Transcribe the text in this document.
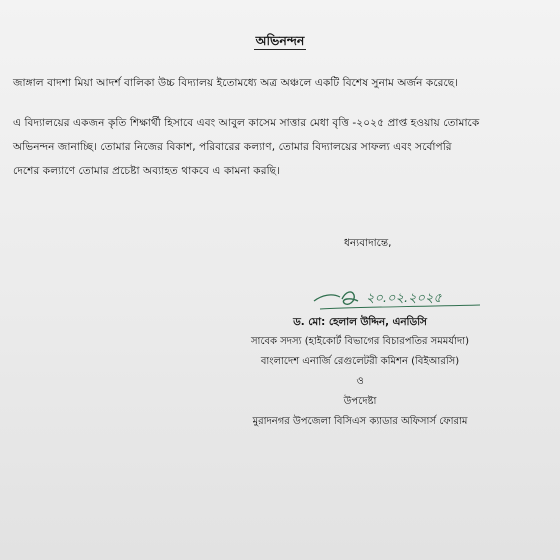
অভিনন্দন
জাঙ্গাল বাদশা মিয়া আদর্শ বালিকা উচ্চ বিদ্যালয় ইতোমধ্যে অত্র অঞ্চলে একটি বিশেষ সুনাম অর্জন করেছে।
এ বিদ্যালয়ের একজন কৃতি শিক্ষার্থী হিসাবে এবং আবুল কাসেম সাত্তার মেধা বৃত্তি -২০২৫ প্রাপ্ত হওয়ায় তোমাকে
অভিনন্দন জানাচ্ছি। তোমার নিজের বিকাশ, পরিবারের কল্যাণ, তোমার বিদ্যালয়ের সাফল্য এবং সর্বোপরি
দেশের কল্যাণে তোমার প্রচেষ্টা অব্যাহত থাকবে এ কামনা করছি।
ধন্যবাদান্তে,
২০.০২.২০২৫
ড. মো: হেলাল উদ্দিন, এনডিসি
সাবেক সদস্য (হাইকোর্ট বিভাগের বিচারপতির সমমর্যাদা)
বাংলাদেশ এনার্জি রেগুলেটরী কমিশন (বিইআরসি)
ও
উপদেষ্টা
মুরাদনগর উপজেলা বিসিএস ক্যাডার অফিসার্স ফোরাম
